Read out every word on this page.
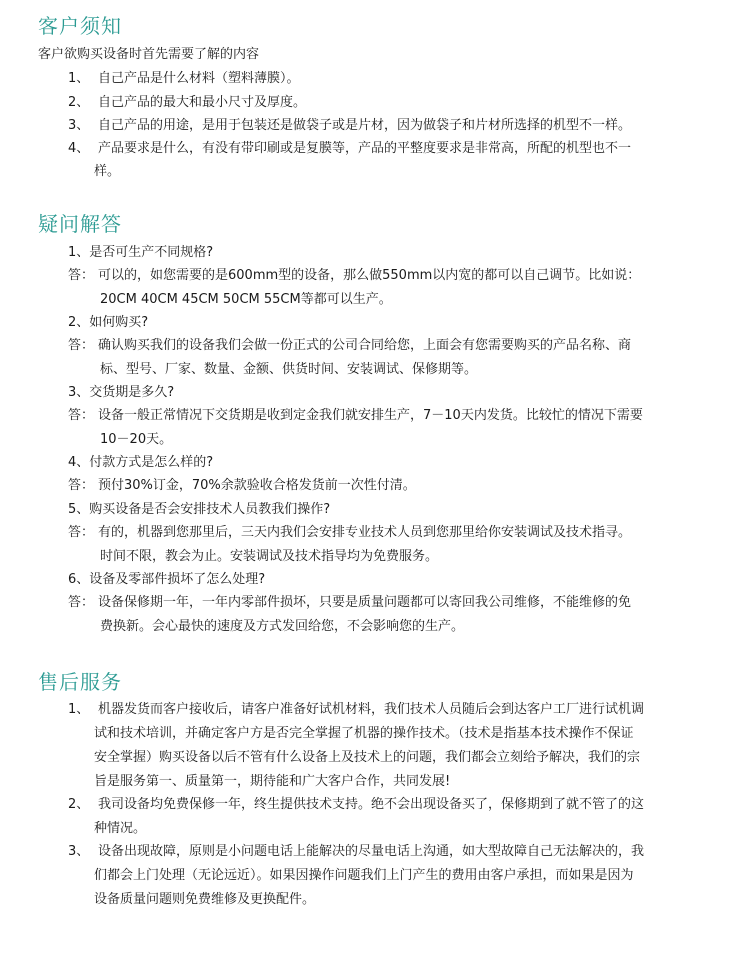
客户须知
客户欲购买设备时首先需要了解的内容
1、 自己产品是什么材料（塑料薄膜）。
2、 自己产品的最大和最小尺寸及厚度。
3、 自己产品的用途，是用于包装还是做袋子或是片材，因为做袋子和片材所选择的机型不一样。
4、 产品要求是什么，有没有带印刷或是复膜等，产品的平整度要求是非常高，所配的机型也不一
样。
疑问解答
1、是否可生产不同规格?
答： 可以的，如您需要的是600mm型的设备，那么做550mm以内宽的都可以自己调节。比如说：
20CM 40CM 45CM 50CM 55CM等都可以生产。
2、如何购买?
答： 确认购买我们的设备我们会做一份正式的公司合同给您，上面会有您需要购买的产品名称、商
标、型号、厂家、数量、金额、供货时间、安装调试、保修期等。
3、交货期是多久?
答： 设备一般正常情况下交货期是收到定金我们就安排生产，7－10天内发货。比较忙的情况下需要
10－20天。
4、付款方式是怎么样的?
答： 预付30%订金，70%余款验收合格发货前一次性付清。
5、购买设备是否会安排技术人员教我们操作?
答： 有的，机器到您那里后，三天内我们会安排专业技术人员到您那里给你安装调试及技术指寻。
时间不限，教会为止。安装调试及技术指导均为免费服务。
6、设备及零部件损坏了怎么处理?
答： 设备保修期一年，一年内零部件损坏，只要是质量问题都可以寄回我公司维修，不能维修的免
费换新。会心最快的速度及方式发回给您，不会影响您的生产。
售后服务
1、 机器发货而客户接收后，请客户准备好试机材料，我们技术人员随后会到达客户工厂进行试机调
试和技术培训，并确定客户方是否完全掌握了机器的操作技术。（技术是指基本技术操作不保证
安全掌握）购买设备以后不管有什么设备上及技术上的问题，我们都会立刻给予解决，我们的宗
旨是服务第一、质量第一，期待能和广大客户合作，共同发展!
2、 我司设备均免费保修一年，终生提供技术支持。绝不会出现设备买了，保修期到了就不管了的这
种情况。
3、 设备出现故障，原则是小问题电话上能解决的尽量电话上沟通，如大型故障自己无法解决的，我
们都会上门处理（无论远近）。如果因操作问题我们上门产生的费用由客户承担，而如果是因为
设备质量问题则免费维修及更换配件。
